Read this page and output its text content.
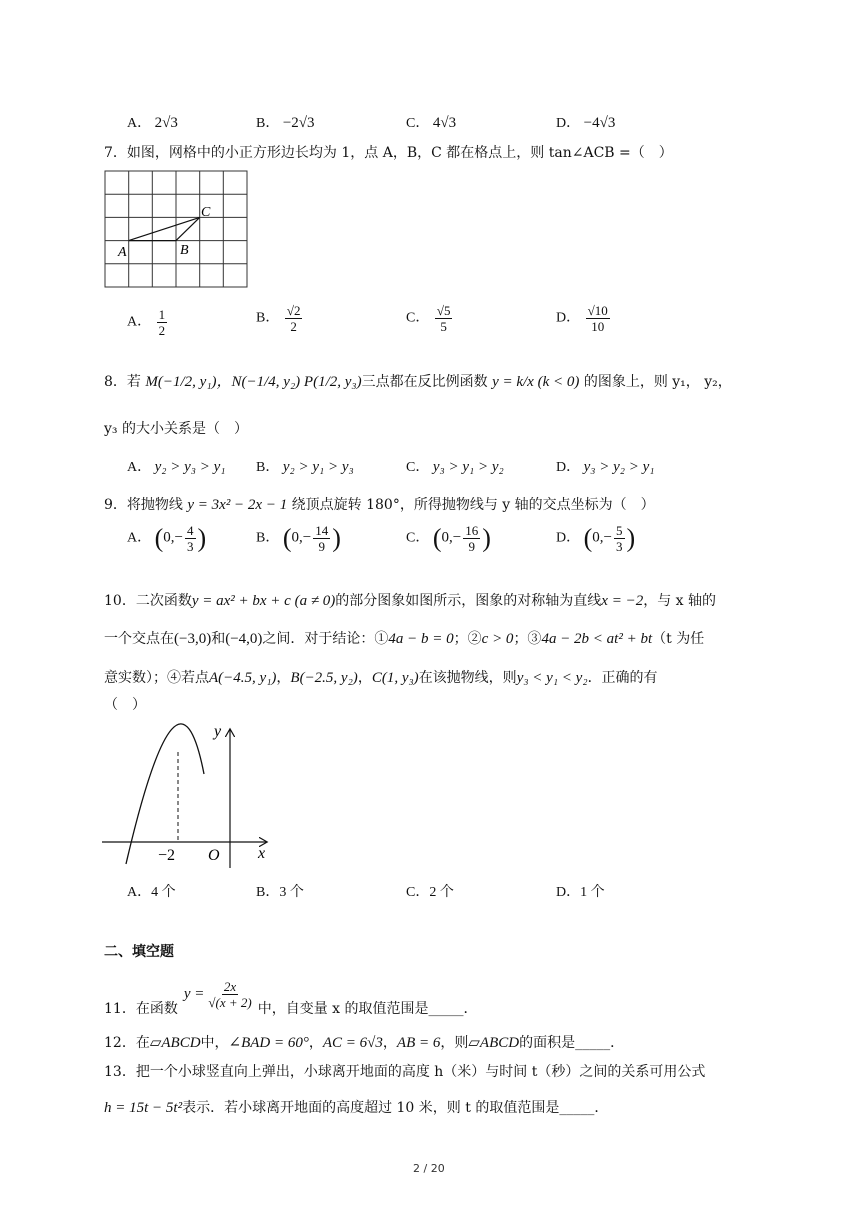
A． 2√3	B． −2√3	C． 4√3	D． −4√3
7．如图，网格中的小正方形边长均为 1，点 A，B，C 都在格点上，则 tan∠ACB =（　）
A	B
C
A． $\frac{1}{2}$	B． $\frac{√2}{2}$	C． $\frac{√5}{5}$	D． $\frac{√10}{10}$
8．若 M(−1/2, y₁)，N(−1/4, y₂) P(1/2, y₃)三点都在反比例函数 y = k/x (k < 0) 的图象上，则 y₁， y₂，
y₃ 的大小关系是（　）
A． y₂ > y₃ > y₁ B． y₂ > y₁ > y₃	C． y₃ > y₁ > y₂	D． y₃ > y₂ > y₁
9．将抛物线 y = 3x² − 2x − 1 绕顶点旋转 180°，所得抛物线与 y 轴的交点坐标为（　）
A． ($0,- \frac{4}{3}$ )	B． ($0,- \frac{14}{9}$ )	C． ($0,- \frac{16}{9}$ )	D． ($0,- \frac{5}{3}$ )
10．二次函数y = ax² + bx + c (a ≠ 0)的部分图象如图所示，图象的对称轴为直线x = −2，与 x 轴的
一个交点在(−3,0)和(−4,0)之间．对于结论：①4a − b = 0；②c > 0；③4a − 2b < at² + bt（t 为任
意实数）；④若点A(−4.5, y₁)，B(−2.5, y₂)，C(1, y₃)在该抛物线，则y₃ < y₁ < y₂．正确的有
（　）
y
x
O
−2
A．4 个	B．3 个	C．2 个	D．1 个
二、填空题
11．在函数
$y = \frac{2x}{√(x + 2)}$
中，自变量 x 的取值范围是_____．
12．在▱ABCD中，∠BAD = 60°，AC = 6√3，AB = 6，则▱ABCD的面积是_____．
13．把一个小球竖直向上弹出，小球离开地面的高度 h（米）与时间 t（秒）之间的关系可用公式
h = 15t − 5t²表示．若小球离开地面的高度超过 10 米，则 t 的取值范围是_____．
2 / 20
